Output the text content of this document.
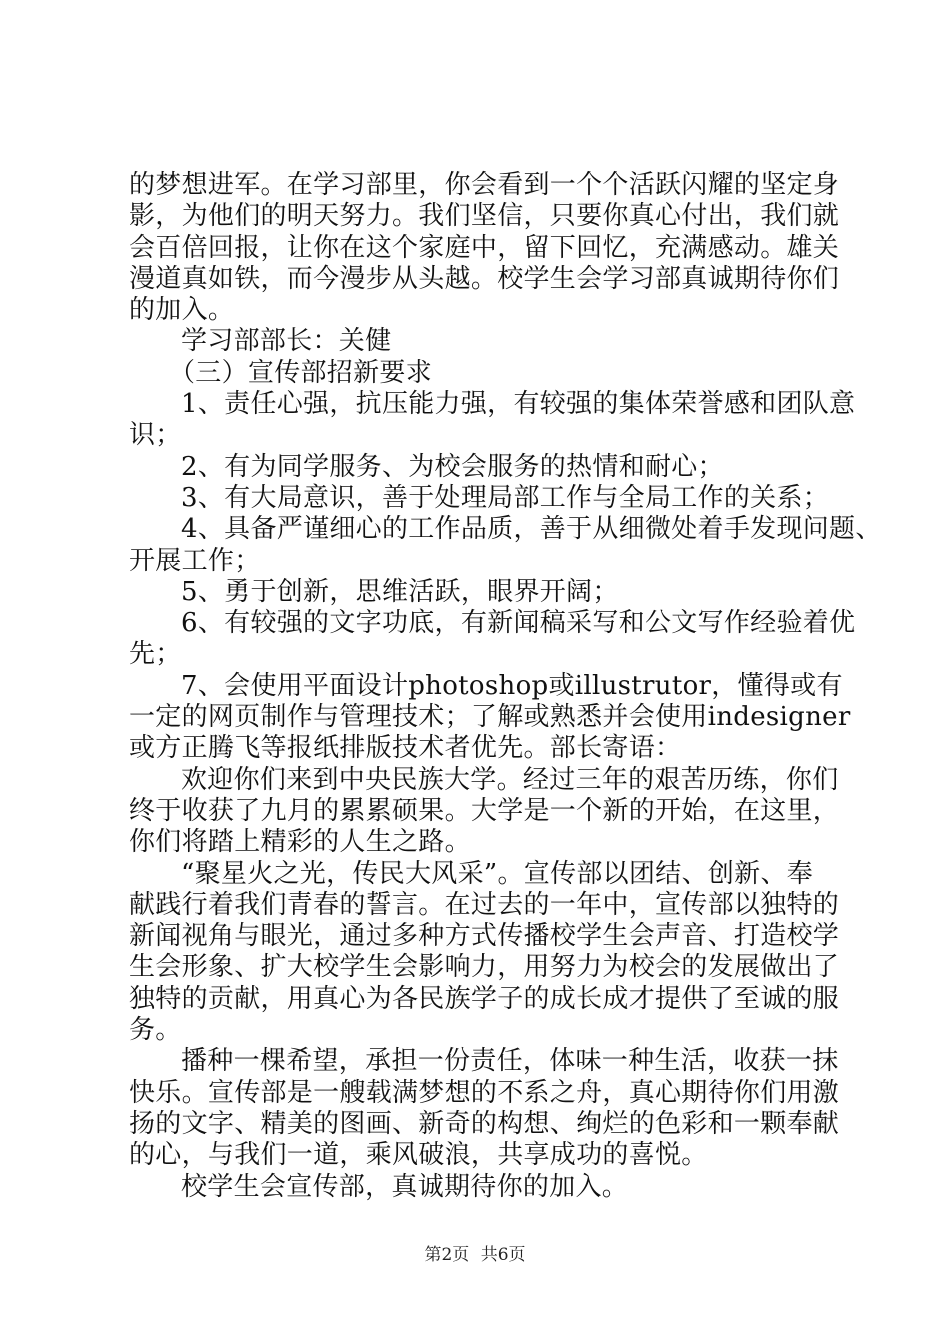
的梦想进军。在学习部里，你会看到一个个活跃闪耀的坚定身
影，为他们的明天努力。我们坚信，只要你真心付出，我们就
会百倍回报，让你在这个家庭中，留下回忆，充满感动。雄关
漫道真如铁，而今漫步从头越。校学生会学习部真诚期待你们
的加入。
学习部部长：关健
（三）宣传部招新要求
1、责任心强，抗压能力强，有较强的集体荣誉感和团队意
识；
2、有为同学服务、为校会服务的热情和耐心；
3、有大局意识，善于处理局部工作与全局工作的关系；
4、具备严谨细心的工作品质，善于从细微处着手发现问题、
开展工作；
5、勇于创新，思维活跃，眼界开阔；
6、有较强的文字功底，有新闻稿采写和公文写作经验着优
先；
7、会使用平面设计photoshop或illustrutor，懂得或有
一定的网页制作与管理技术；了解或熟悉并会使用indesigner
或方正腾飞等报纸排版技术者优先。部长寄语：
欢迎你们来到中央民族大学。经过三年的艰苦历练，你们
终于收获了九月的累累硕果。大学是一个新的开始，在这里，
你们将踏上精彩的人生之路。
“聚星火之光，传民大风采”。宣传部以团结、创新、奉
献践行着我们青春的誓言。在过去的一年中，宣传部以独特的
新闻视角与眼光，通过多种方式传播校学生会声音、打造校学
生会形象、扩大校学生会影响力，用努力为校会的发展做出了
独特的贡献，用真心为各民族学子的成长成才提供了至诚的服
务。
播种一棵希望，承担一份责任，体味一种生活，收获一抹
快乐。宣传部是一艘载满梦想的不系之舟，真心期待你们用激
扬的文字、精美的图画、新奇的构想、绚烂的色彩和一颗奉献
的心，与我们一道，乘风破浪，共享成功的喜悦。
校学生会宣传部，真诚期待你的加入。
第2页 共6页
